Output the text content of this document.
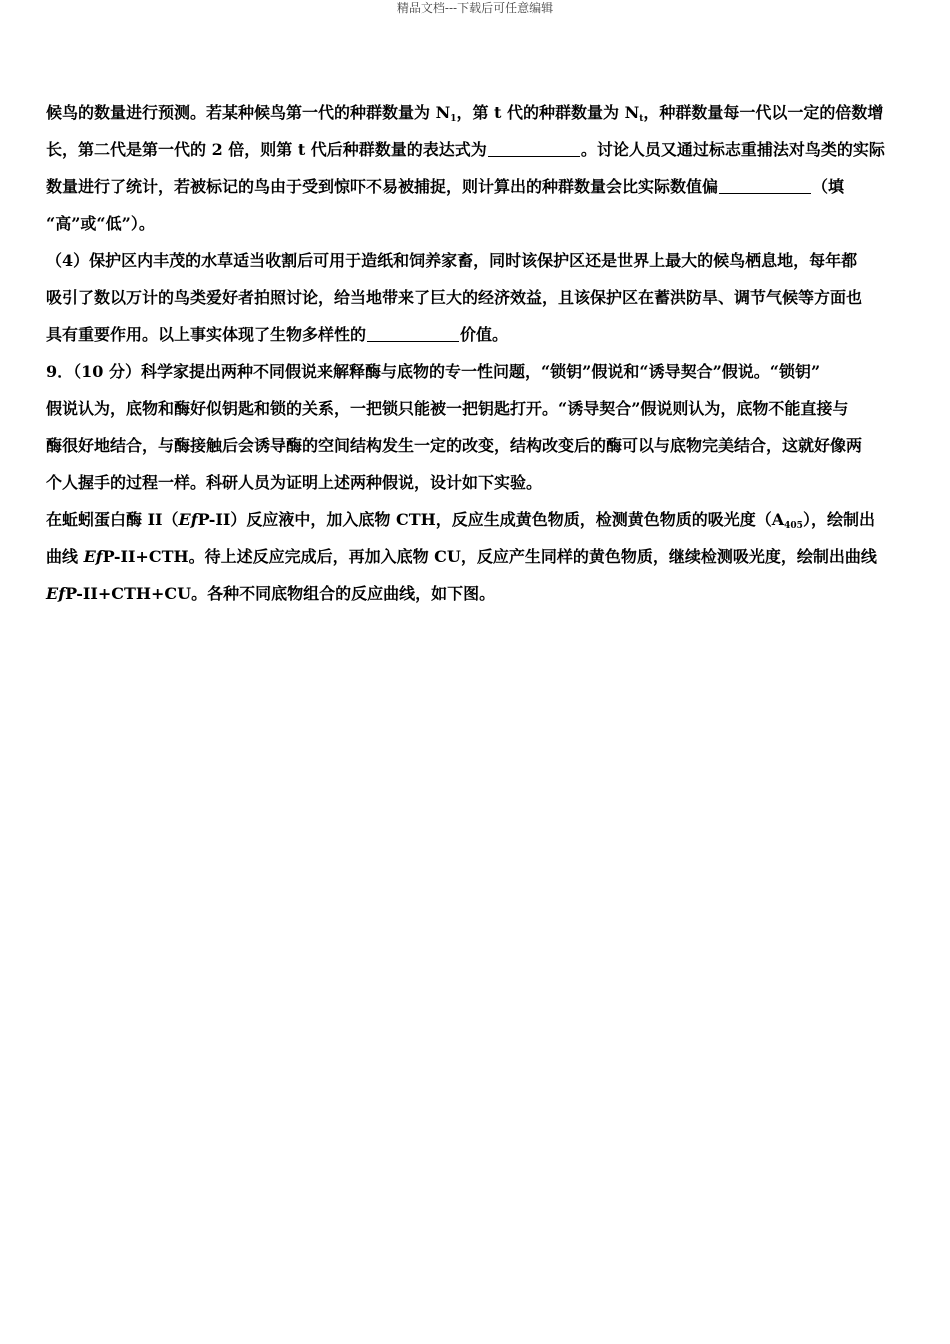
精品文档---下载后可任意编辑
候鸟的数量进行预测。若某种候鸟第一代的种群数量为 $N_1$，第 t 代的种群数量为 $N_t$，种群数量每一代以一定的倍数增
长，第二代是第一代的 2 倍，则第 t 代后种群数量的表达式为	。讨论人员又通过标志重捕法对鸟类的实际
数量进行了统计，若被标记的鸟由于受到惊吓不易被捕捉，则计算出的种群数量会比实际数值偏	（填
“高”或“低”）。
（4）保护区内丰茂的水草适当收割后可用于造纸和饲养家畜，同时该保护区还是世界上最大的候鸟栖息地，每年都
吸引了数以万计的鸟类爱好者拍照讨论，给当地带来了巨大的经济效益，且该保护区在蓄洪防旱、调节气候等方面也
具有重要作用。以上事实体现了生物多样性的	价值。
9．（10 分）科学家提出两种不同假说来解释酶与底物的专一性问题，“锁钥”假说和“诱导契合”假说。“锁钥”
假说认为，底物和酶好似钥匙和锁的关系，一把锁只能被一把钥匙打开。“诱导契合”假说则认为，底物不能直接与
酶很好地结合，与酶接触后会诱导酶的空间结构发生一定的改变，结构改变后的酶可以与底物完美结合，这就好像两
个人握手的过程一样。科研人员为证明上述两种假说，设计如下实验。
在蚯蚓蛋白酶 II（EfP-II）反应液中，加入底物 CTH，反应生成黄色物质，检测黄色物质的吸光度$(A_{405})$，绘制出
曲线 EfP-II+CTH。待上述反应完成后，再加入底物 CU，反应产生同样的黄色物质，继续检测吸光度，绘制出曲线
EfP-II+CTH+CU。各种不同底物组合的反应曲线，如下图。
